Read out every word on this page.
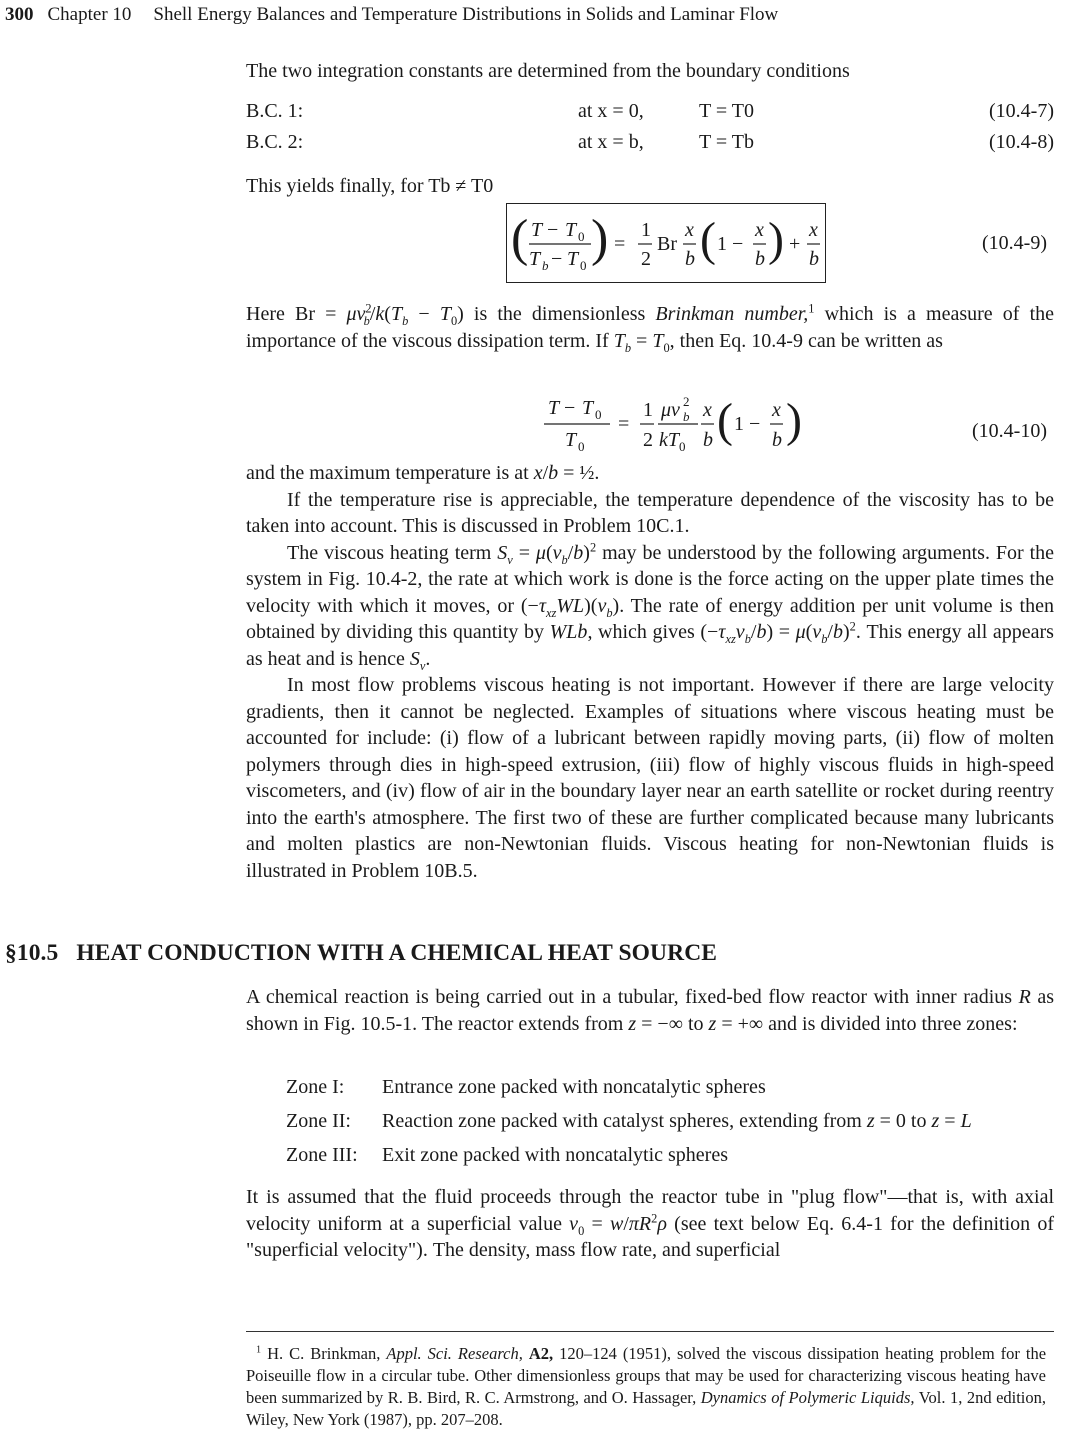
300 Chapter 10 Shell Energy Balances and Temperature Distributions in Solids and Laminar Flow

The two integration constants are determined from the boundary conditions

B.C. 1:	at x = 0,	T = T0	(10.4-7)
B.C. 2:	at x = b,	T = Tb	(10.4-8)

This yields finally, for Tb ≠ T0

( T − T 0
T b − T 0 ) =
1
2
Br
x
b ( 1 −
x
b ) +
x
b
(10.4-9)

Here $Br = \mu v^2_b/k(T_b - T_0)$ is the dimensionless Brinkman number,$^1$ which is a measure of the importance of the viscous dissipation term. If $T_b = T_0$, then Eq. 10.4-9 can be written as

T − T 0
T 0
=
1
2
μv 2
b
kT 0
x
b ( 1 −
x
b )	(10.4-10)

and the maximum temperature is at x/b = ½.

If the temperature rise is appreciable, the temperature dependence of the viscosity has to be taken into account. This is discussed in Problem 10C.1.

The viscous heating term $S_v = \mu(v_b/b)^2$ may be understood by the following arguments. For the system in Fig. 10.4-2, the rate at which work is done is the force acting on the upper plate times the velocity with which it moves, or $(-\tau_{xz}WL)(v_b)$. The rate of energy addition per unit volume is then obtained by dividing this quantity by WLb, which gives $(-\tau_{xz}v_b/b) = \mu(v_b/b)^2$. This energy all appears as heat and is hence $S_v$.

In most flow problems viscous heating is not important. However if there are large velocity gradients, then it cannot be neglected. Examples of situations where viscous heating must be accounted for include: (i) flow of a lubricant between rapidly moving parts, (ii) flow of molten polymers through dies in high-speed extrusion, (iii) flow of highly viscous fluids in high-speed viscometers, and (iv) flow of air in the boundary layer near an earth satellite or rocket during reentry into the earth's atmosphere. The first two of these are further complicated because many lubricants and molten plastics are non-Newtonian fluids. Viscous heating for non-Newtonian fluids is illustrated in Problem 10B.5.

§10.5 HEAT CONDUCTION WITH A CHEMICAL HEAT SOURCE

A chemical reaction is being carried out in a tubular, fixed-bed flow reactor with inner radius R as shown in Fig. 10.5-1. The reactor extends from z = −∞ to z = +∞ and is divided into three zones:

Zone I: Entrance zone packed with noncatalytic spheres
Zone II: Reaction zone packed with catalyst spheres, extending from z = 0 to z = L
Zone III: Exit zone packed with noncatalytic spheres

It is assumed that the fluid proceeds through the reactor tube in "plug flow"—that is, with axial velocity uniform at a superficial value $v_0 = w/\pi R^2\rho$ (see text below Eq. 6.4-1 for the definition of "superficial velocity"). The density, mass flow rate, and superficial

$^1$ H. C. Brinkman, Appl. Sci. Research, A2, 120–124 (1951), solved the viscous dissipation heating problem for the Poiseuille flow in a circular tube. Other dimensionless groups that may be used for characterizing viscous heating have been summarized by R. B. Bird, R. C. Armstrong, and O. Hassager, Dynamics of Polymeric Liquids, Vol. 1, 2nd edition, Wiley, New York (1987), pp. 207–208.
